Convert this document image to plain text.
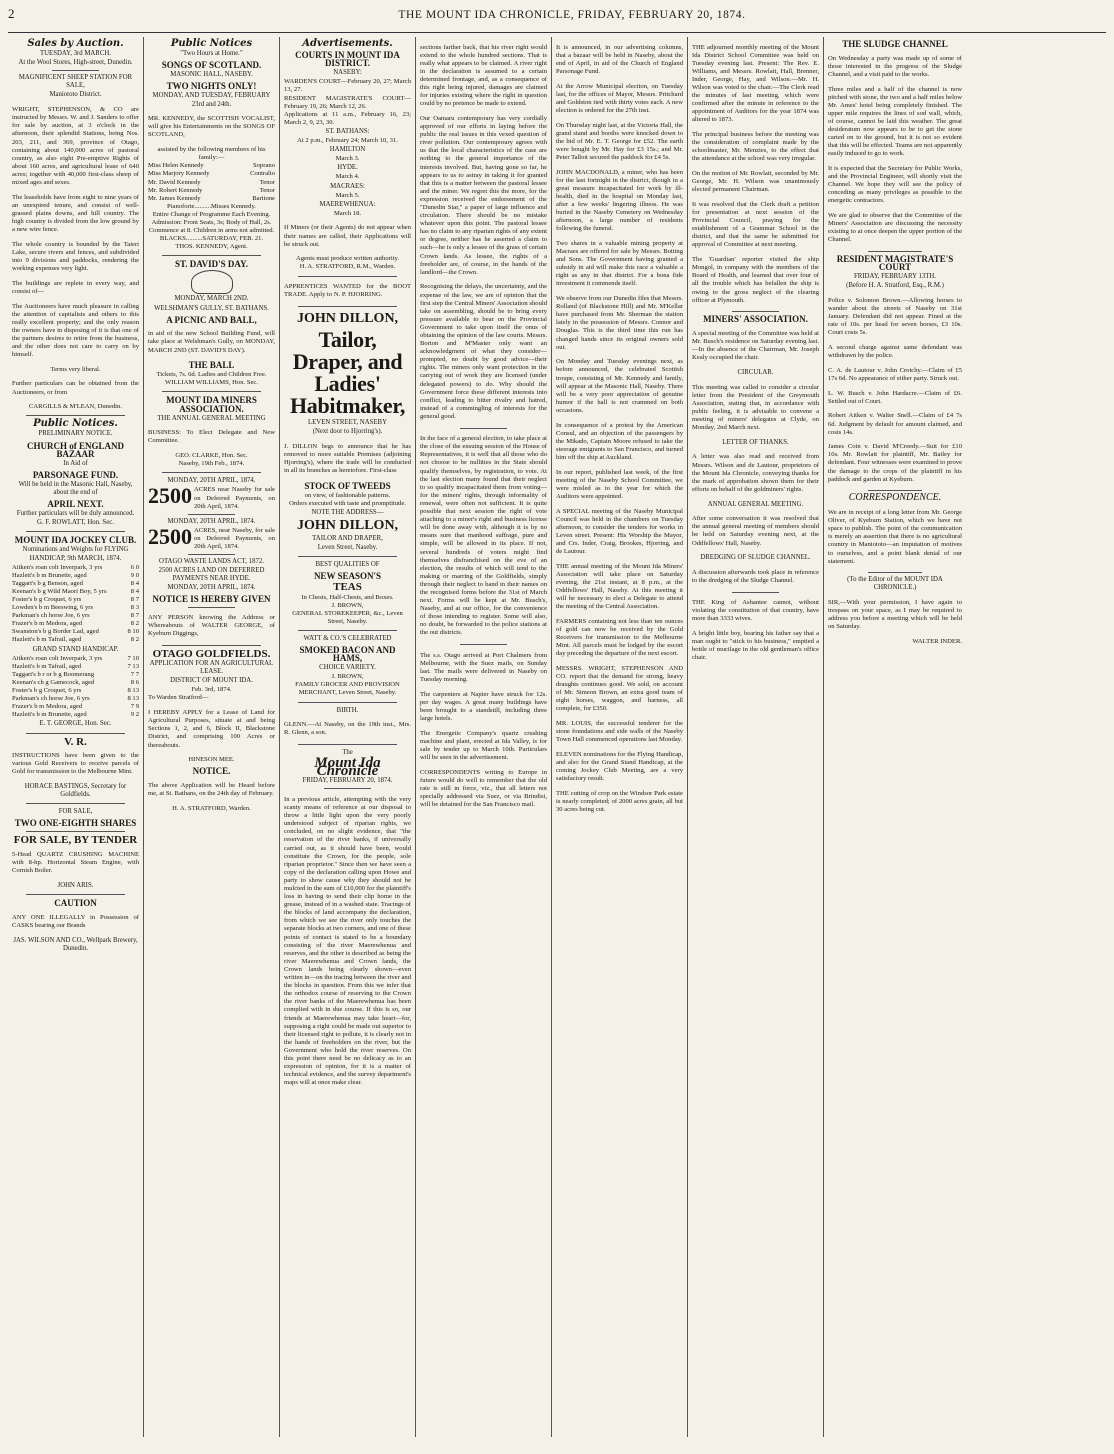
2	THE MOUNT IDA CHRONICLE, FRIDAY, FEBRUARY 20, 1874.
Sales by Auction.
TUESDAY, 3rd MARCH.
At the Wool Stores, High-street, Dunedin.
MAGNIFICENT SHEEP STATION FOR SALE,
Maniototo District.

WRIGHT, STEPHENSON, & CO are instructed by Messrs. W. and J. Sanders to offer for sale by auction, at 3 o'clock in the afternoon, their splendid Stations, being Nos. 203, 211, and 369, province of Otago, containing about 140,000 acres of pastoral country, as also eight Pre-emptive Rights of about 160 acres, and agricultural lease of 640 acres; together with 40,000 first-class sheep of mixed ages and sexes.

The leaseholds have from eight to nine years of an unexpired tenure, and consist of well-grassed plains downs, and hill country. The high country is divided from the low ground by a new wire fence.

The whole country is bounded by the Taieri Lake, secure rivers and fences, and subdivided into 9 divisions and paddocks, rendering the working expenses very light.

The buildings are replete in every way, and consist of—

The Auctioneers have much pleasure in calling the attention of capitalists and others to this really excellent property; and the only reason the owners have in disposing of it is that one of the partners desires to retire from the business, and the other does not care to carry on by himself.

Terms very liberal.

Further particulars can be obtained from the Auctioneers, or from

CARGILLS & M'LEAN, Dunedin.
Public Notices.
PRELIMINARY NOTICE.
CHURCH of ENGLAND BAZAAR
In Aid of
PARSONAGE FUND.
Will be held in the Masonic Hall, Naseby, about the end of
APRIL NEXT.
Further particulars will be duly announced.
G. F. ROWLATT, Hon. Sec.
MOUNT IDA JOCKEY CLUB.
Nominations and Weights for FLYING HANDICAP, 9th MARCH, 1874.
Aitken's roan colt Inverpark, 3 yrs	6 0
Hazlett's b m Brunette, aged	9 0
Taggart's b g Benson, aged	8 4
Keenan's b g Wild Maori Boy, 5 yrs	8 4
Foster's b g Croquet, 6 yrs	8 7
Lowden's b m Beeswing, 6 yrs	8 3
Parkman's ch horse Joe, 6 yrs	8 7
Frazer's b m Medora, aged	8 2
Swanston's b g Border Lad, aged	8 10
Hazlett's b m Tafrail, aged	8 2
GRAND STAND HANDICAP.
Aitken's roan colt Inverpark, 3 yrs	7 10
Hazlett's b m Tafrail, aged	7 13
Taggart's b r or b g Boomerang	7 7
Keenan's ch g Gamecock, aged	8 6
Foster's b g Croquet, 6 yrs	8 13
Parkman's ch horse Joe, 6 yrs	8 13
Frazer's b m Medora, aged	7 9
Hazlett's b m Brunette, aged	9 2
E. T. GEORGE, Hon. Sec.
V. R.

INSTRUCTIONS have been given to the various Gold Receivers to receive parcels of Gold for transmission to the Melbourne Mint.

HORACE BASTINGS, Secretary for Goldfields.
FOR SALE,
TWO ONE-EIGHTH SHARES
FOR SALE, BY TENDER

5-Head QUARTZ CRUSHING MACHINE with 8-hp. Horizontal Steam Engine, with Cornish Boiler.

JOHN ARIS.
CAUTION

ANY ONE ILLEGALLY in Possession of CASKS bearing our Brands

JAS. WILSON AND CO., Wellpark Brewery, Dunedin.
Public Notices
"Two Hours at Home."
SONGS OF SCOTLAND.
MASONIC HALL, NASEBY.
TWO NIGHTS ONLY!
MONDAY, AND TUESDAY, FEBRUARY 23rd and 24th.

MR. KENNEDY, the SCOTTISH VOCALIST, will give his Entertainments on the SONGS OF SCOTLAND,

assisted by the following members of his family:—
Miss Helen Kennedy	Soprano
Miss Marjory Kennedy	Contralto
Mr. David Kennedy	Tenor
Mr. Robert Kennedy	Tenor
Mr. James Kennedy	Baritone
Pianoforte..........Misses Kennedy.
Entire Change of Programme Each Evening.
Admission: Front Seats, 3s; Body of Hall, 2s.
Commence at 8. Children in arms not admitted.
BLACKS..........SATURDAY, FEB. 21.
THOS. KENNEDY, Agent.
ST. DAVID'S DAY.
MONDAY, MARCH 2ND.
WELSHMAN'S GULLY, ST. BATHANS.
A PICNIC AND BALL,

in aid of the new School Building Fund, will take place at Welshman's Gully, on MONDAY, MARCH 2ND (ST. DAVID'S DAY).

THE BALL
Tickets, 7s. 6d. Ladies and Children Free.
WILLIAM WILLIAMS, Hon. Sec.
MOUNT IDA MINERS ASSOCIATION.
THE ANNUAL GENERAL MEETING

BUSINESS: To Elect Delegate and New Committee.

GEO. CLARKE, Hon. Sec.
Naseby, 19th Feb., 1874.
MONDAY, 20TH APRIL, 1874.
2500 ACRES near Naseby for sale on Deferred Payments, on 20th April, 1874.
MONDAY, 20TH APRIL, 1874.
2500 ACRES, near Naseby, for sale on Deferred Payments, on 20th April, 1874.
OTAGO WASTE LANDS ACT, 1872.
2500 ACRES LAND ON DEFERRED PAYMENTS NEAR HYDE.
MONDAY, 20TH APRIL, 1874.
NOTICE IS HEREBY GIVEN

ANY PERSON knowing the Address or Whereabouts of WALTER GEORGE, of Kyeburn Diggings,

OTAGO GOLDFIELDS.
APPLICATION FOR AN AGRICULTURAL LEASE.
DISTRICT OF MOUNT IDA.
Feb. 3rd, 1874.
To Warden Stratford—

I HEREBY APPLY for a Lease of Land for Agricultural Purposes, situate at and being Sections 1, 2, and 6, Block II, Blackstone District, and comprising 100 Acres or thereabouts.

HINESON MEE.
NOTICE.

The above Application will be Heard before me, at St. Bathans, on the 24th day of February.

H. A. STRATFORD, Warden.
Advertisements.
COURTS IN MOUNT IDA DISTRICT.
NASEBY:
WARDEN'S COURT—February 20, 27; March 13, 27.
RESIDENT MAGISTRATE'S COURT—February 19, 26; March 12, 26.
Applications at 11 a.m., February 16, 23; March 2, 9, 23, 30.
ST. BATHANS:
At 2 p.m., February 24; March 10, 31.
HAMILTON
March 3.
HYDE.
March 4.
MACRAES:
March 5.
MAEREWHENUA:
March 18.

If Miners (or their Agents) do not appear when their names are called, their Applications will be struck out.

Agents must produce written authority.
H. A. STRATFORD, R.M., Warden.

APPRENTICES WANTED for the BOOT TRADE. Apply to N. P. HJORRING.

JOHN DILLON,
Tailor, Draper, and Ladies' Habitmaker,
LEVEN STREET, NASEBY
(Next door to Hjorring's).

J. DILLON begs to announce that he has removed to more suitable Premises (adjoining Hjorring's), where the trade will be conducted in all its branches as heretofore. First-class

STOCK OF TWEEDS
on view, of fashionable patterns.
Orders executed with taste and promptitude.
NOTE THE ADDRESS—
JOHN DILLON,
TAILOR AND DRAPER,
Leven Street, Naseby.
BEST QUALITIES OF
NEW SEASON'S
TEAS
In Chests, Half-Chests, and Boxes.
J. BROWN,
GENERAL STOREKEEPER, &c., Leven Street, Naseby.
WATT & CO.'S CELEBRATED
SMOKED BACON AND HAMS,
CHOICE VARIETY.
J. BROWN,
FAMILY GROCER AND PROVISION MERCHANT, Leven Street, Naseby.
BIRTH.

GLENN.—At Naseby, on the 19th inst., Mrs. R. Glenn, a son.

The
Mount Ida Chronicle
FRIDAY, FEBRUARY 20, 1874.

In a previous article, attempting with the very scanty means of reference at our disposal to throw a little light upon the very poorly understood subject of riparian rights, we concluded, on no slight evidence, that "the reservation of the river banks, if universally carried out, as it should have been, would constitute the Crown, for the people, sole riparian proprietor." Since then we have seen a copy of the declaration calling upon Howe and party to show cause why they should not be mulcted in the sum of £10,000 for the plaintiff's loss in having to send their clip home in the grease, instead of in a washed state. Tracings of the blocks of land accompany the declaration, from which we see the river only touches the separate blocks at two corners, and one of these points of contact is stated to be a boundary consisting of the river Maerewhenua and reserves, and the other is described as being the river Maerewhenua and Crown lands, the Crown lands being clearly shown—even written in—on the tracing between the river and the blocks in question. From this we infer that the orthodox course of reserving to the Crown the river banks of the Maerewhenua has been complied with in due course. If this is so, our friends at Maerewhenua may take heart—for, supposing a right could be made out superior to their licensed right to pollute, it is clearly not in the hands of freeholders on the river, but the Government who hold the river reserves. On this point there need be no delicacy as to an expression of opinion, for it is a matter of technical evidence, and the survey department's maps will at once make clear.

sections farther back, that his river right would extend to the whole hundred sections. That is really what appears to be claimed. A river right in the declaration is assumed to a certain determined frontage, and, as a consequence of this right being injured, damages are claimed for injuries existing where the right in question could by no pretence be made to extend.

Our Oamaru contemporary has very cordially approved of our efforts in laying before the public the real issues in this vexed question of river pollution. Our contemporary agrees with us that the local characteristics of the case are nothing to the general importance of the interests involved. But, having gone so far, he appears to us to astray in taking it for granted that this is a matter between the pastoral lessee and the miner. We regret this the more, for the expression received the endorsement of the "Dunedin Star," a paper of large influence and circulation. There should be no mistake whatever upon this point. The pastoral lessee has no claim to any riparian rights of any extent or degree, neither has he asserted a claim to such—he is only a lessee of the grass of certain Crown lands. As lessee, the rights of a freeholder are, of course, in the hands of the landlord—the Crown.

Recognising the delays, the uncertainty, and the expense of the law, we are of opinion that the first step the Central Miners' Association should take on assembling, should be to bring every pressure available to bear on the Provincial Government to take upon itself the onus of obtaining the opinion of the law courts. Messrs. Borton and M'Master only want an acknowledgment of what they consider—prompted, no doubt by good advice—their rights. The miners only want protection in the carrying out of work they are licensed (under delegated powers) to do. Why should the Government force these different interests into conflict, leading to bitter rivalry and hatred, instead of a commingling of interests for the general good.

In the face of a general election, to take place at the close of the ensuing session of the House of Representatives, it is well that all those who do not choose to be nullities in the State should qualify themselves, by registration, to vote. At the last election many found that their neglect to so qualify incapacitated them from voting—for the miners' rights, through informality of renewal, were often not sufficient. It is quite possible that next session the right of vote attaching to a miner's right and business license will be done away with, although it is by no means sure that manhood suffrage, pure and simple, will be allowed in its place. If not, several hundreds of voters might find themselves disfranchised on the eve of an election, the results of which will tend to the making or marring of the Goldfields, simply through their neglect to band in their names on the recognised forms before the 31st of March next. Forms will be kept at Mr. Busch's, Naseby, and at our office, for the convenience of those intending to register. Some will also, no doubt, be forwarded to the police stations at the out districts.

The s.s. Otago arrived at Port Chalmers from Melbourne, with the Suez mails, on Sunday last. The mails were delivered in Naseby on Tuesday morning.

The carpenters at Napier have struck for 12s. per day wages. A great many buildings have been brought to a standstill, including three large hotels.

The Energetic Company's quartz crushing machine and plant, erected at Ida Valley, is for sale by tender up to March 10th. Particulars will be seen in the advertisement.

CORRESPONDENTS writing to Europe in future would do well to remember that the old rate is still in force, viz., that all letters not specially addressed via Suez, or via Brindisi, will be detained for the San Francisco mail.

It is announced, in our advertising columns, that a bazaar will be held in Naseby, about the end of April, in aid of the Church of England Parsonage Fund.

At the Arrow Municipal election, on Tuesday last, for the offices of Mayor, Messrs. Pritchard and Goldston tied with thirty votes each. A new election is ordered for the 27th inst.

On Thursday night last, at the Victoria Hall, the grand stand and booths were knocked down to the bid of Mr. E. T. George for £52. The earth were bought by Mr. Hay for £3 15s.; and Mr. Peter Talbot secured the paddock for £4 5s.

JOHN MACDONALD, a miner, who has been for the last fortnight in the district, though in a great measure incapacitated for work by ill-health, died in the hospital on Monday last, after a few weeks' lingering illness. He was buried in the Naseby Cemetery on Wednesday afternoon, a large number of residents following the funeral.

Two shares in a valuable mining property at Macraes are offered for sale by Messrs. Botting and Sons. The Government having granted a subsidy in aid will make this race a valuable a right as any in that district. For a bona fide investment it commends itself.

We observe from our Dunedin files that Messrs. Rolland (of Blackstone Hill) and Mr. M'Kellar have purchased from Mr. Sherman the station lately in the possession of Messrs. Connor and Douglas. This is the third time this run has changed hands since its original owners sold out.

On Monday and Tuesday evenings next, as before announced, the celebrated Scottish troupe, consisting of Mr. Kennedy and family, will appear at the Masonic Hall, Naseby. There will be a very poor appreciation of genuine humor if the hall is not crammed on both occasions.

In consequence of a protest by the American Consul, and an objection of the passengers by the Mikado, Captain Moore refused to take the steerage emigrants to San Francisco, and turned him off the ship at Auckland.

In our report, published last week, of the first meeting of the Naseby School Committee, we were misled as to the year for which the Auditors were appointed.

A SPECIAL meeting of the Naseby Municipal Council was held in the chambers on Tuesday afternoon, to consider the tenders for works in Leven street. Present: His Worship the Mayor, and Crs. Inder, Craig, Brookes, Hjorring, and de Lautour.

THE annual meeting of the Mount Ida Miners' Association will take place on Saturday evening, the 21st instant, at 8 p.m., at the Oddfellows' Hall, Naseby. At this meeting it will be necessary to elect a Delegate to attend the meeting of the Central Association.

FARMERS containing not less than ten ounces of gold can now be received by the Gold Receivers for transmission to the Melbourne Mint. All parcels must be lodged by the escort day preceding the departure of the next escort.

MESSRS. WRIGHT, STEPHENSON AND CO. report that the demand for strong, heavy draughts continues good. We sold, on account of Mr. Simeon Brown, an extra good team of eight horses, waggon, and harness, all complete, for £350.

MR. LOUIS, the successful tenderer for the stone foundations and side walls of the Naseby Town Hall commenced operations last Monday.

ELEVEN nominations for the Flying Handicap, and also for the Grand Stand Handicap, at the coming Jockey Club Meeting, are a very satisfactory result.

THE cutting of crop on the Windsor Park estate is nearly completed; of 2000 acres grain, all but 30 acres being cut.

THE adjourned monthly meeting of the Mount Ida District School Committee was held on Tuesday evening last. Present: The Rev. E. Williams, and Messrs. Rowlatt, Hall, Brenner, Inder, George, Hay, and Wilson.—Mr. H. Wilson was voted to the chair.—The Clerk read the minutes of last meeting, which were confirmed after the minute in reference to the appointment of Auditors for the year 1874 was altered to 1873.

The principal business before the meeting was the consideration of complaint made by the schoolmaster, Mr. Menzies, to the effect that the attendance at the school was very irregular.

On the motion of Mr. Rowlatt, seconded by Mr. George, Mr. H. Wilson was unanimously elected permanent Chairman.

It was resolved that the Clerk draft a petition for presentation at next session of the Provincial Council, praying for the establishment of a Grammar School in the district, and that the same be submitted for approval of Committee at next meeting.

The 'Guardian' reporter visited the ship Mongol, in company with the members of the Board of Health, and learned that over four of all the trouble which has befallen the ship is owing to the gross neglect of the clearing officer at Plymouth.

MINERS' ASSOCIATION.

A special meeting of the Committee was held at Mr. Busch's residence on Saturday evening last.—In the absence of the Chairman, Mr. Joseph Kealy occupied the chair.

CIRCULAR.

This meeting was called to consider a circular letter from the President of the Greymouth Association, stating that, in accordance with public feeling, it is advisable to convene a meeting of miners' delegates at Clyde, on Monday, 2nd March next.

LETTER OF THANKS.

A letter was also read and received from Messrs. Wilson and de Lautour, proprietors of the Mount Ida Chronicle, conveying thanks for the mark of approbation shown them for their efforts on behalf of the goldminers' rights.

ANNUAL GENERAL MEETING.

After some conversation it was resolved that the annual general meeting of members should be held on Saturday evening next, at the Oddfellows' Hall, Naseby.

DREDGING OF SLUDGE CHANNEL.

A discussion afterwards took place in reference to the dredging of the Sludge Channel.

THE King of Ashantee cannot, without violating the constitution of that country, have more than 3333 wives.

A bright little boy, bearing his father say that a man ought to "stick to his business," emptied a bottle of mucilage in the old gentleman's office chair.

THE SLUDGE CHANNEL

On Wednesday a party was made up of some of those interested in the progress of the Sludge Channel, and a visit paid to the works.

Three miles and a half of the channel is now pitched with stone, the two and a half miles below Mr. Ames' hotel being completely finished. The upper mile requires the lines of sod wall, which, of course, cannot be laid this weather. The great desideratum now appears to be to get the stone carted on to the ground, but it is not so evident that this will be effected. Teams are not apparently easily induced to go to work.

It is expected that the Secretary for Public Works, and the Provincial Engineer, will shortly visit the Channel. We hope they will see the policy of conceding as many privileges as possible to the energetic contractors.

We are glad to observe that the Committee of the Miners' Association are discussing the necessity existing to at once deepen the upper portion of the Channel.

RESIDENT MAGISTRATE'S COURT
FRIDAY, FEBRUARY 13TH.
(Before H. A. Stratford, Esq., R.M.)

Police v. Solomon Brown.—Allowing horses to wander about the streets of Naseby on 31st January. Defendant did not appear. Fined at the rate of 10s. per head for seven horses, £3 10s. Court costs 5s.

A second charge against same defendant was withdrawn by the police.

C. A. de Lautour v. John Crotchy.—Claim of £5 17s 6d. No appearance of either party. Struck out.

L. W. Busch v. John Hardacre.—Claim of £6. Settled out of Court.

Robert Aitken v. Walter Snell.—Claim of £4 7s 6d. Judgment by default for amount claimed, and costs 14s.

James Coin v. David M'Creedy.—Suit for £10 10s. Mr. Rowlatt for plaintiff, Mr. Bailey for defendant. Four witnesses were examined to prove the damage to the crops of the plaintiff in his paddock and garden at Kyeburn.

CORRESPONDENCE.

We are in receipt of a long letter from Mr. George Oliver, of Kyeburn Station, which we have not space to publish. The point of the communication is merely an assertion that there is no agricultural country in Maniototo—an imputation of motives to ourselves, and a point blank denial of our statement.

(To the Editor of the MOUNT IDA CHRONICLE.)

SIR,—With your permission, I have again to trespass on your space, as I may be required to address you before a meeting which will be held on Saturday.

WALTER INDER.
